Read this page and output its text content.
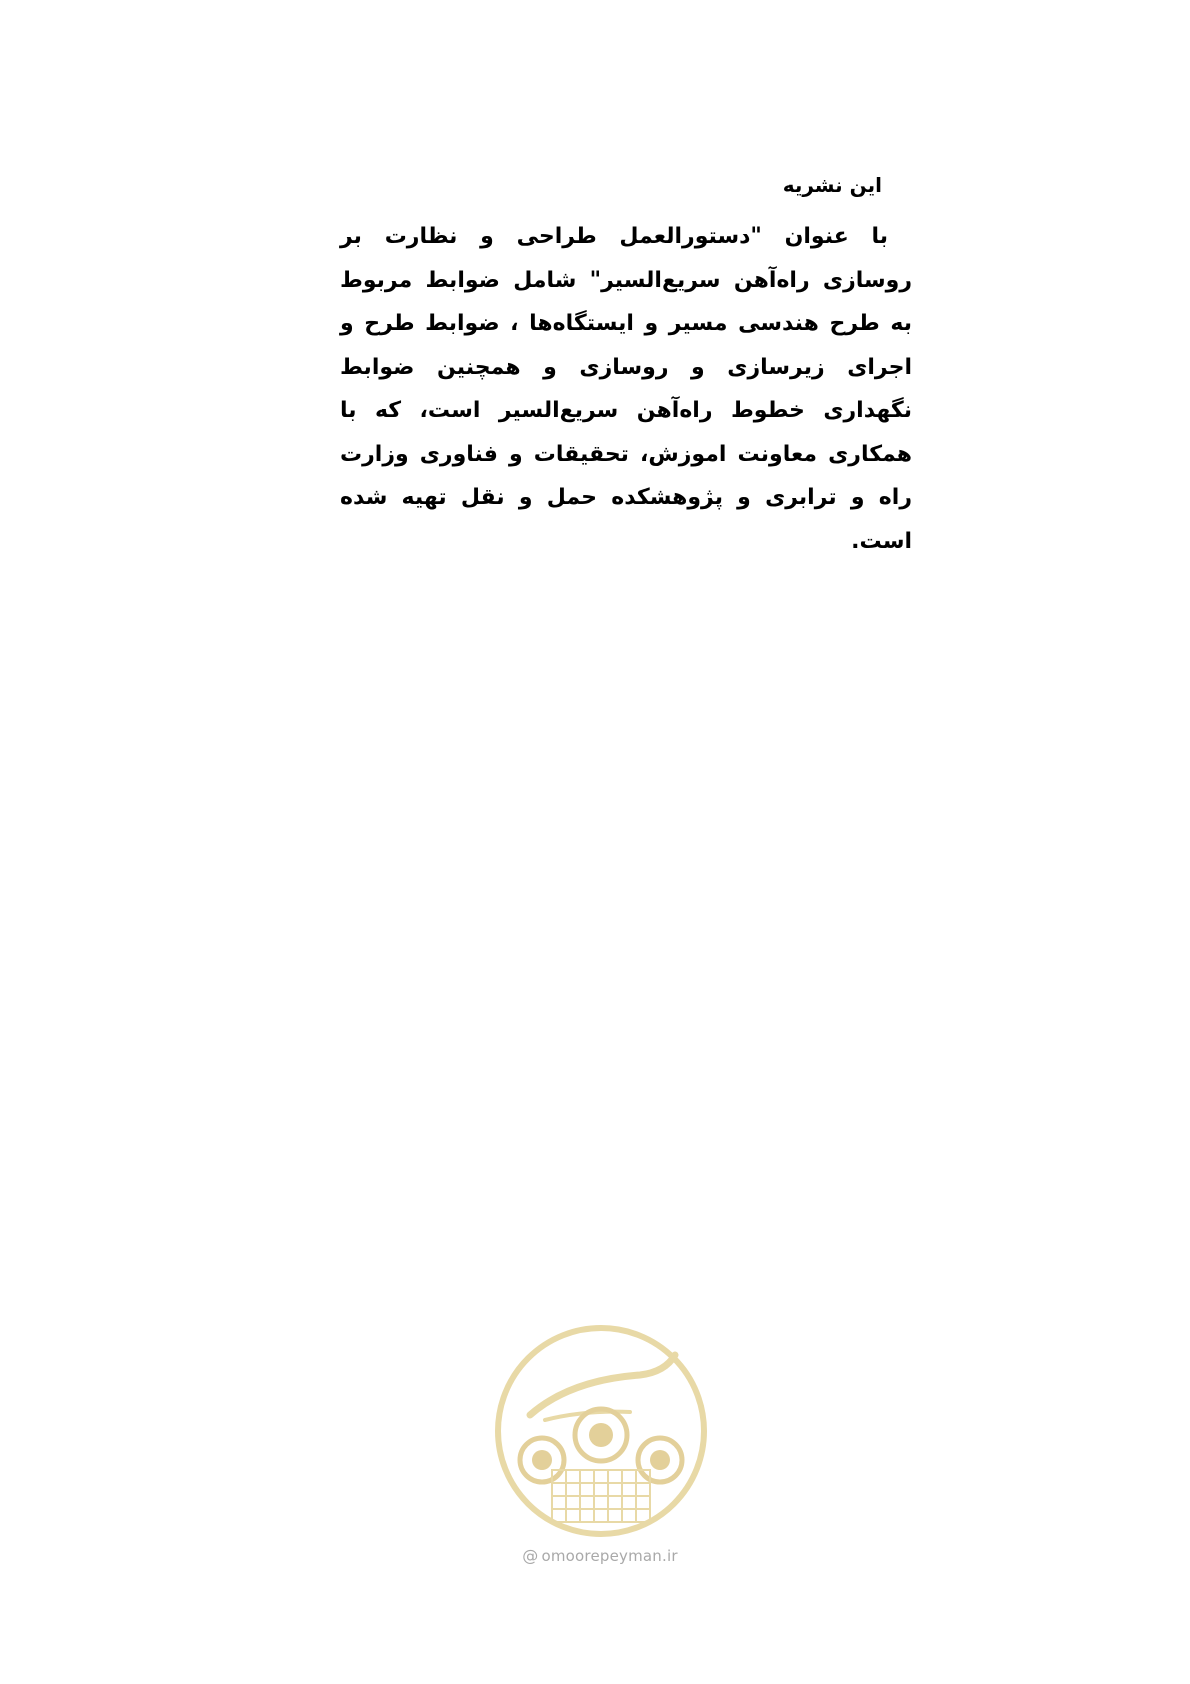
این نشریه

با عنوان "دستورالعمل طراحی و نظارت بر روسازی راه‌آهن سریع‌السیر" شامل ضوابط مربوط به طرح هندسی مسیر و ایستگاه‌ها ، ضوابط طرح و اجرای زیرسازی و روسازی و همچنین ضوابط نگهداری خطوط راه‌آهن سریع‌السیر است، که با همکاری معاونت اموزش، تحقیقات و فناوری وزارت راه و ترابری و پژوهشکده حمل و نقل تهیه شده است.

@ omoorepeyman.ir
